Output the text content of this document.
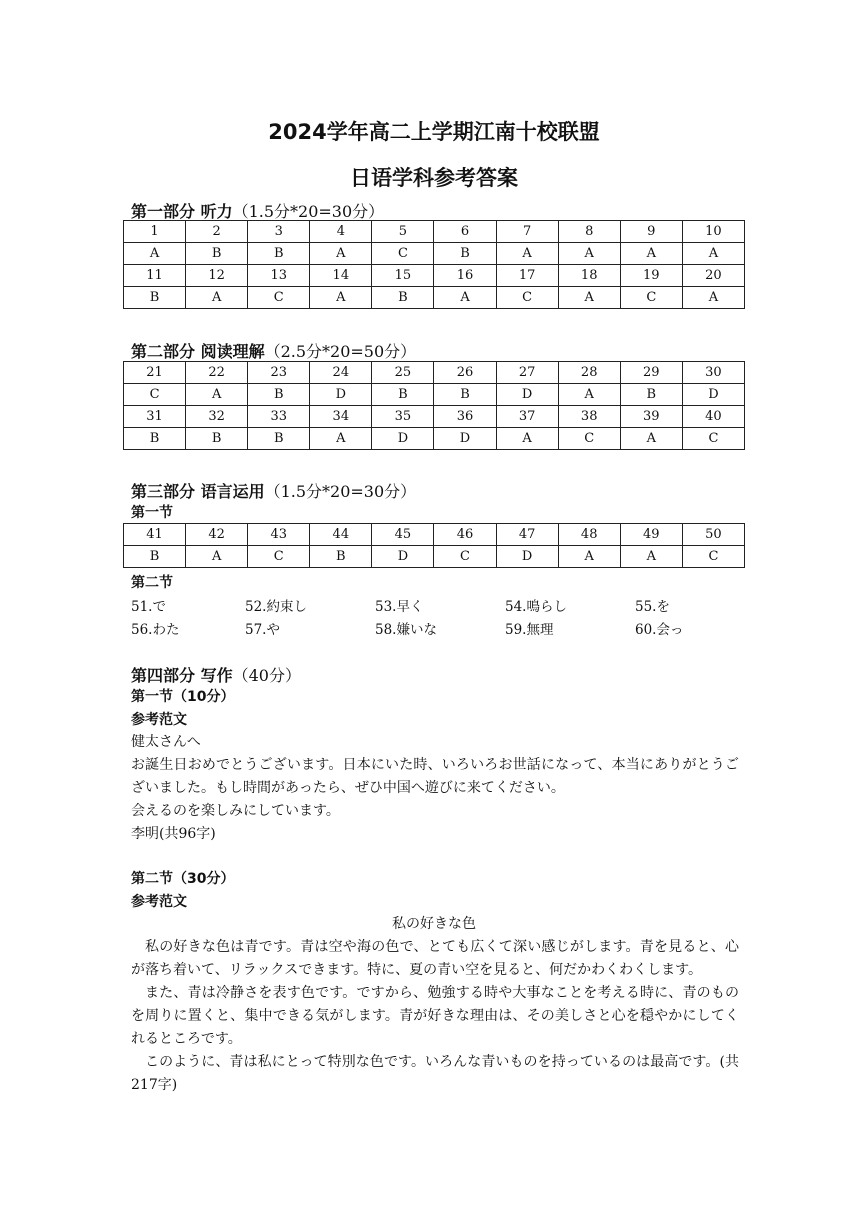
2024学年高二上学期江南十校联盟
日语学科参考答案
第一部分 听力（1.5分*20=30分）
1	2	3	4	5	6	7	8	9	10
A	B	B	A	C	B	A	A	A	A
11	12	13	14	15	16	17	18	19	20
B	A	C	A	B	A	C	A	C	A
第二部分 阅读理解（2.5分*20=50分）
21	22	23	24	25	26	27	28	29	30
C	A	B	D	B	B	D	A	B	D
31	32	33	34	35	36	37	38	39	40
B	B	B	A	D	D	A	C	A	C
第三部分 语言运用（1.5分*20=30分）
第一节
41	42	43	44	45	46	47	48	49	50
B	A	C	B	D	C	D	A	A	C
第二节
51.で	52.約束し	53.早く	54.鳴らし	55.を
56.わた	57.や	58.嫌いな	59.無理	60.会っ
第四部分 写作（40分）
第一节（10分）
参考范文
健太さんへ
お誕生日おめでとうございます。日本にいた時、いろいろお世話になって、本当にありがとうございました。もし時間があったら、ぜひ中国へ遊びに来てください。
会えるのを楽しみにしています。
李明(共96字)
第二节（30分）
参考范文
私の好きな色

私の好きな色は青です。青は空や海の色で、とても広くて深い感じがします。青を見ると、心が落ち着いて、リラックスできます。特に、夏の青い空を見ると、何だかわくわくします。

また、青は冷静さを表す色です。ですから、勉強する時や大事なことを考える時に、青のものを周りに置くと、集中できる気がします。青が好きな理由は、その美しさと心を穏やかにしてくれるところです。

このように、青は私にとって特別な色です。いろんな青いものを持っているのは最高です。(共217字)
